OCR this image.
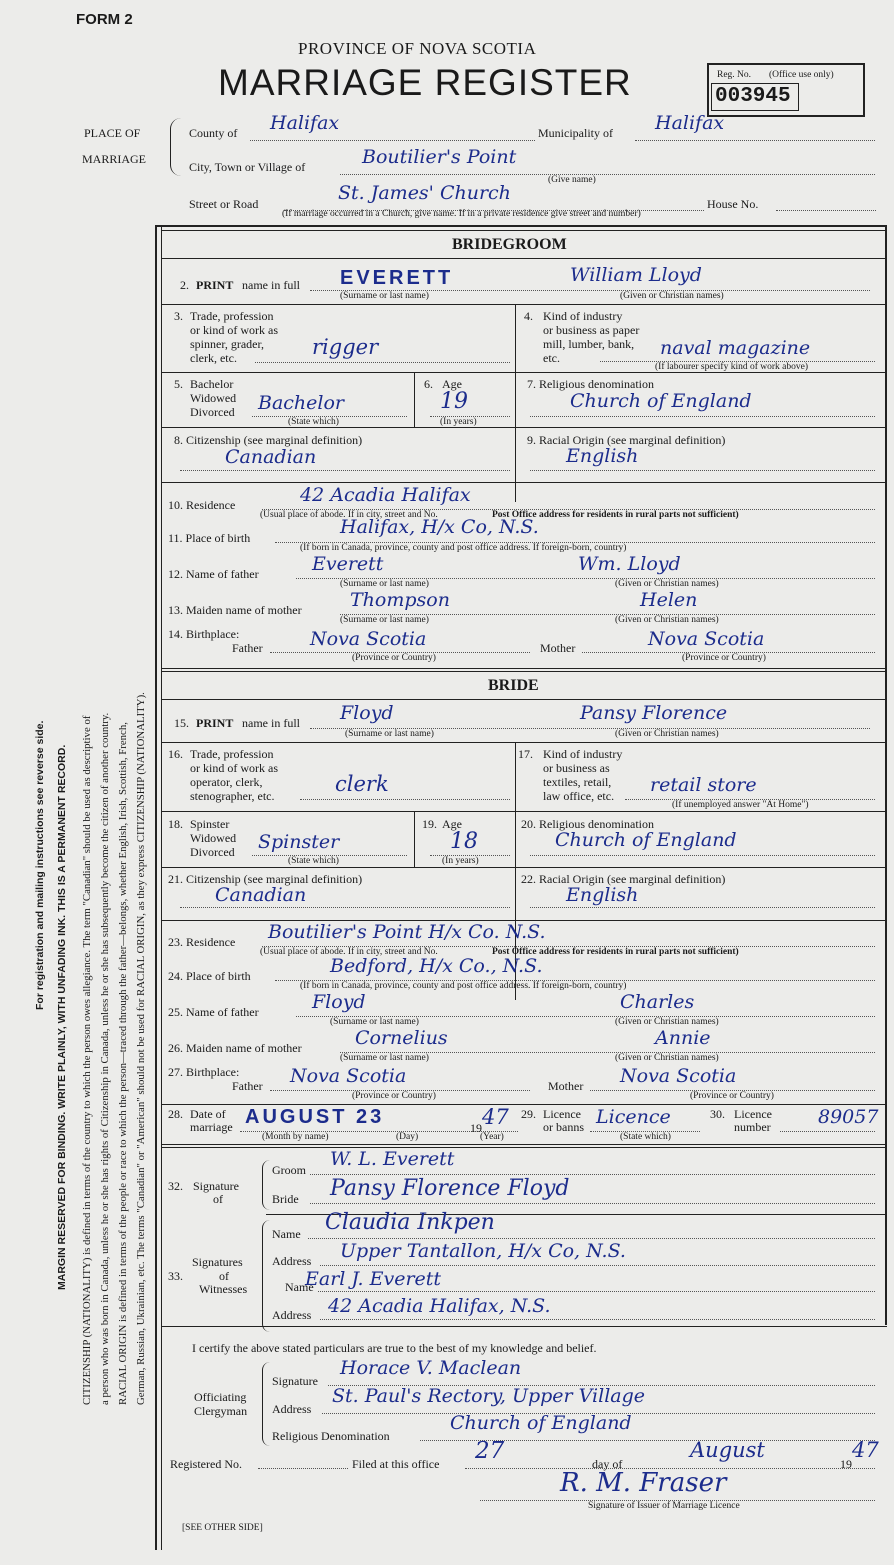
FORM 2
PROVINCE OF NOVA SCOTIA
MARRIAGE REGISTER	Reg. No. (Office use only)
003945
PLACE OF
MARRIAGE
County of Halifax	Municipality of Halifax
City, Town or Village of	Boutilier's Point
(Give name)
Street or Road	St. James' Church	House No.
(If marriage occurred in a Church, give name. If in a private residence give street and number)
For registration and mailing instructions see reverse side. MARGIN RESERVED FOR BINDING. WRITE PLAINLY, WITH UNFADING INK. THIS IS A PERMANENT RECORD. CITIZENSHIP (NATIONALITY) is defined in terms of the country to which the person owes allegiance. The term "Canadian" should be used as descriptive of a person who was born in Canada, unless he or she has rights of Citizenship in Canada, unless he or she has subsequently become the citizen of another country. RACIAL ORIGIN is defined in terms of the people or race to which the person—traced through the father—belongs, whether English, Irish, Scottish, French, German, Russian, Ukrainian, etc. The terms "Canadian" or "American" should not be used for RACIAL ORIGIN, as they express CITIZENSHIP (NATIONALITY).
BRIDEGROOM
2. PRINT name in full EVERETT	William Lloyd
(Surname or last name)	(Given or Christian names)
3. Trade, profession
or kind of work as
spinner, grader,
clerk, etc.	rigger
4. Kind of industry
or business as paper
mill, lumber, bank,
etc.	naval magazine
(If labourer specify kind of work above)
5. Bachelor
Widowed
Divorced Bachelor
(State which)
6. Age
19
(In years)
7. Religious denomination
Church of England
8. Citizenship (see marginal definition)
Canadian
9. Racial Origin (see marginal definition)
English
10. Residence	42 Acadia Halifax
(Usual place of abode. If in city, street and No.	Post Office address for residents in rural parts not sufficient)
11. Place of birth	Halifax, H/x Co, N.S.
(If born in Canada, province, county and post office address. If foreign-born, country)
12. Name of father	Everett	Wm. Lloyd
(Surname or last name)	(Given or Christian names)
13. Maiden name of mother	Thompson	Helen
(Surname or last name)	(Given or Christian names)
14. Birthplace:
Father Nova Scotia	Mother	Nova Scotia
(Province or Country)	(Province or Country)
BRIDE
15. PRINT name in full Floyd	Pansy Florence
(Surname or last name)	(Given or Christian names)
16. Trade, profession
or kind of work as
operator, clerk,
stenographer, etc.	clerk
17. Kind of industry
or business as
textiles, retail,
law office, etc. retail store
(If unemployed answer "At Home")
18. Spinster
Widowed
Divorced Spinster
(State which)
19. Age
18
(In years)
20. Religious denomination
Church of England
21. Citizenship (see marginal definition)
Canadian
22. Racial Origin (see marginal definition)
English
23. Residence Boutilier's Point H/x Co. N.S.
(Usual place of abode. If in city, street and No.	Post Office address for residents in rural parts not sufficient)
24. Place of birth	Bedford, H/x Co., N.S.
(If born in Canada, province, county and post office address. If foreign-born, country)
25. Name of father	Floyd	Charles
(Surname or last name)	(Given or Christian names)
26. Maiden name of mother	Cornelius	Annie
(Surname or last name)	(Given or Christian names)
27. Birthplace:
Father Nova Scotia	Mother Nova Scotia
(Province or Country)	(Province or Country)
28. Date of
marriage AUGUST 23	19 47
(Month by name)	(Day)	(Year)
29. Licence
or banns Licence
(State which)
30. Licence
number 89057
32. Signature
of
Groom W. L. Everett
Bride Pansy Florence Floyd
33.
Signatures
of
Witnesses
Name Claudia Inkpen
Address Upper Tantallon, H/x Co, N.S.
Name
Earl J. Everett
Address 42 Acadia Halifax, N.S.
I certify the above stated particulars are true to the best of my knowledge and belief.
Officiating
Clergyman
Signature
Horace V. Maclean
Address
St. Paul's Rectory, Upper Village
Religious Denomination
Church of England
Registered No.	Filed at this office 27	day of
August
19
47
R. M. Fraser
Signature of Issuer of Marriage Licence
[SEE OTHER SIDE]
